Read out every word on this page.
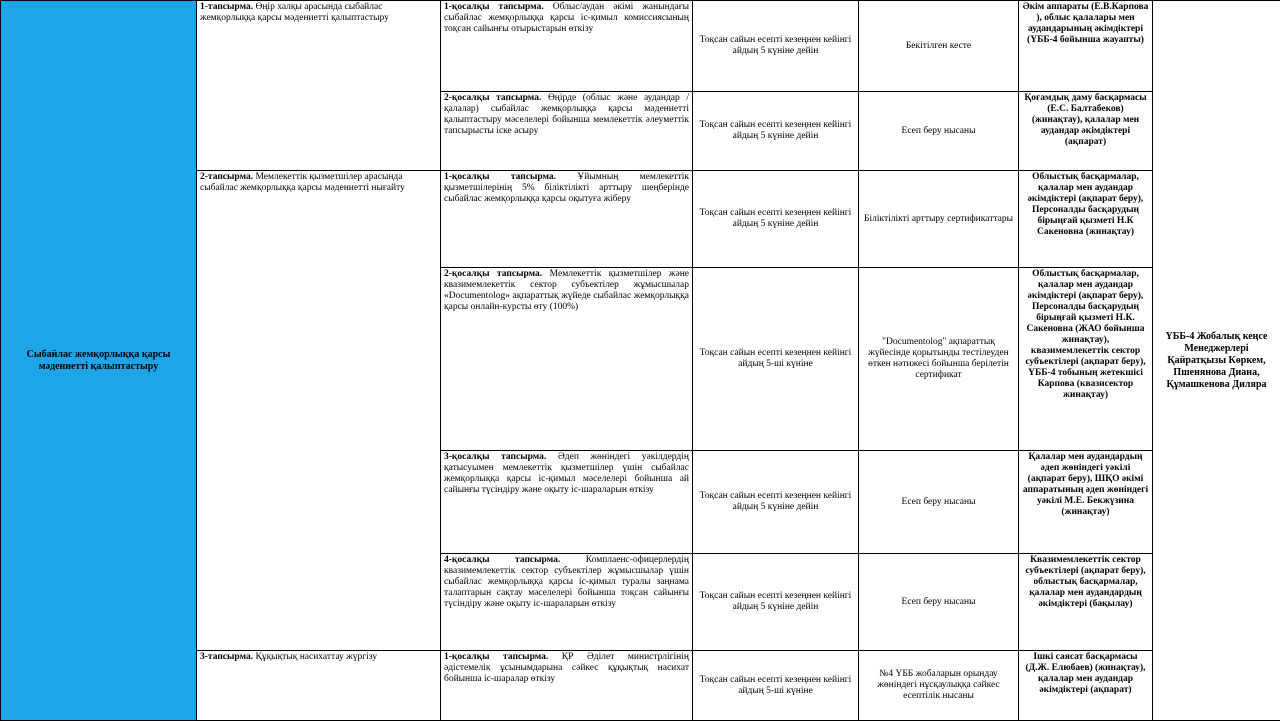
Сыбайлас жемқорлыққа қарсы мәдениетті қалыптастыру	1-тапсырма. Өңір халқы арасында сыбайлас жемқорлыққа қарсы мәдениетті қалыптастыру	1-қосалқы тапсырма. Облыс/аудан әкімі жанындағы сыбайлас жемқорлыққа қарсы іс-қимыл комиссиясының тоқсан сайынғы отырыстарын өткізу	Тоқсан сайын есепті кезеңнен кейінгі айдың 5 күніне дейін	Бекітілген кесте	Әкім аппараты (Е.В.Карпова ), облыс қалалары мен аудандарының әкімдіктері (ҮББ-4 бойынша жауапты)	ҮББ-4 Жобалық кеңсе Менеджерлері Қайратқызы Көркем, Пшенянова Диана, Құмашкенова Диляра
		2-қосалқы тапсырма. Өңірде (облыс және аудандар /қалалар) сыбайлас жемқорлыққа қарсы мәдениетті қалыптастыру мәселелері бойынша мемлекеттік әлеуметтік тапсырысты іске асыру	Тоқсан сайын есепті кезеңнен кейінгі айдың 5 күніне дейін	Есеп беру нысаны	Қоғамдық даму басқармасы (Е.С. Балтабеков) (жинақтау), қалалар мен аудандар әкімдіктері (ақпарат)	
	2-тапсырма. Мемлекеттік қызметшілер арасында сыбайлас жемқорлыққа қарсы мәдениетті нығайту	1-қосалқы тапсырма. Ұйымның мемлекеттік қызметшілерінің 5% біліктілікті арттыру шеңберінде сыбайлас жемқорлыққа қарсы оқытуға жіберу	Тоқсан сайын есепті кезеңнен кейінгі айдың 5 күніне дейін	Біліктілікті арттыру сертификаттары	Облыстық басқармалар, қалалар мен аудандар әкімдіктері (ақпарат беру), Персоналды басқарудың бірыңғай қызметі Н.К Сакеновна (жинақтау)	
		2-қосалқы тапсырма. Мемлекеттік қызметшілер және квазимемлекеттік сектор субъектілер жұмысшылар «Documentolog» ақпараттық жүйеде сыбайлас жемқорлыққа қарсы онлайн-курсты өту (100%)	Тоқсан сайын есепті кезеңнен кейінгі айдың 5-ші күніне	"Documentolog" ақпараттық жүйесінде қорытынды тестілеуден өткен нәтижесі бойынша берілетін сертификат	Облыстық басқармалар, қалалар мен аудандар әкімдіктері (ақпарат беру), Персоналды басқарудың бірыңғай қызметі Н.К. Сакеновна (ЖАО бойынша жинақтау), квазимемлекеттік сектор субъектілері (ақпарат беру), ҮББ-4 тобының жетекшісі Карпова (квазисектор жинақтау)	
		3-қосалқы тапсырма. Әдеп жөніндегі уәкілдердің қатысуымен мемлекеттік қызметшілер үшін сыбайлас жемқорлыққа қарсы іс-қимыл мәселелері бойынша ай сайынғы түсіндіру және оқыту іс-шараларын өткізу	Тоқсан сайын есепті кезеңнен кейінгі айдың 5 күніне дейін	Есеп беру нысаны	Қалалар мен аудандардың әдеп жөніндегі уәкілі (ақпарат беру), ШҚО әкімі аппаратының әдеп жөніндегі уәкілі М.Е. Бекжүзина (жинақтау)	
		4-қосалқы тапсырма. Комплаенс-офицерлердің квазимемлекеттік сектор субъектілер жұмысшылар үшін сыбайлас жемқорлыққа қарсы іс-қимыл туралы заңнама талаптарын сақтау мәселелері бойынша тоқсан сайынғы түсіндіру және оқыту іс-шараларын өткізу	Тоқсан сайын есепті кезеңнен кейінгі айдың 5 күніне дейін	Есеп беру нысаны	Квазимемлекеттік сектор субъектілері (ақпарат беру), облыстық басқармалар, қалалар мен аудандардың әкімдіктері (бақылау)	
	3-тапсырма. Құқықтық насихаттау жүргізу	1-қосалқы тапсырма. ҚР Әділет министрлігінің әдістемелік ұсынымдарына сәйкес құқықтық насихат бойынша іс-шаралар өткізу	Тоқсан сайын есепті кезеңнен кейінгі айдың 5-ші күніне	№4 ҮББ жобаларын орындау жөніндегі нұсқаулыққа сәйкес есептілік нысаны	Ішкі саясат басқармасы (Д.Ж. Елюбаев) (жинақтау), қалалар мен аудандар әкімдіктері (ақпарат)	
